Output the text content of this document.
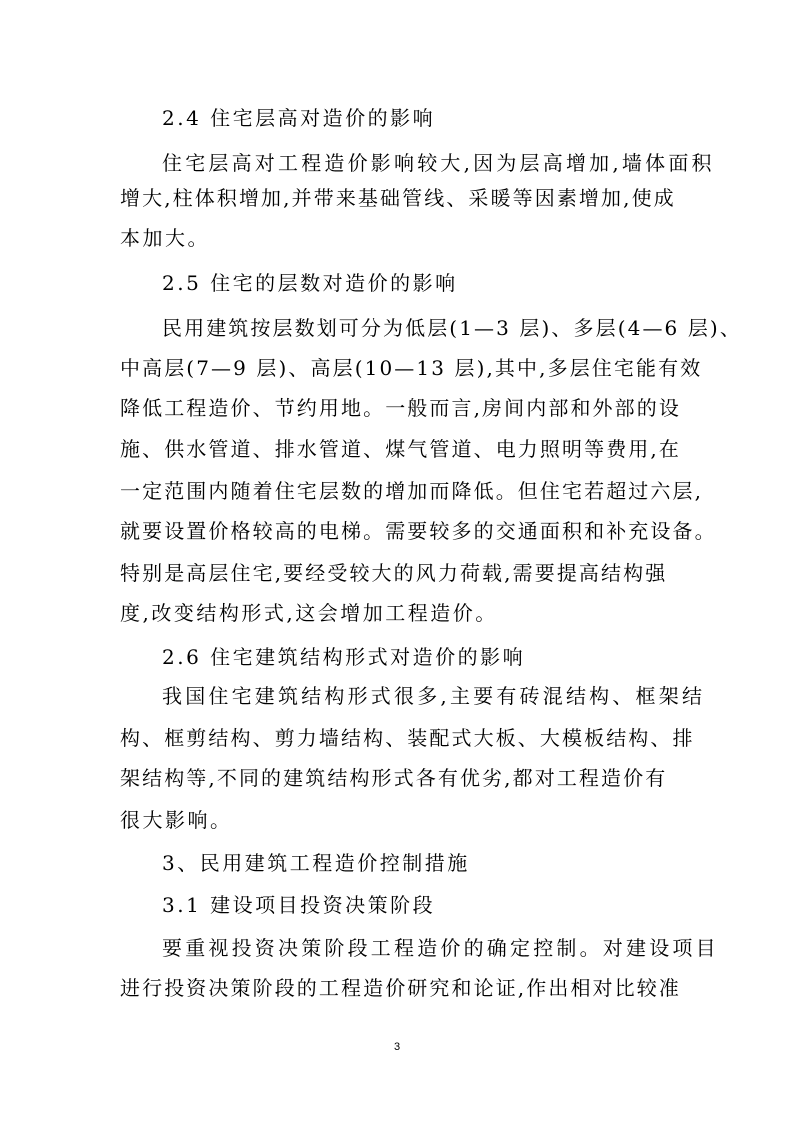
2.4 住宅层高对造价的影响

住宅层高对工程造价影响较大,因为层高增加,墙体面积

增大,柱体积增加,并带来基础管线、采暖等因素增加,使成

本加大。

2.5 住宅的层数对造价的影响

民用建筑按层数划可分为低层(1—3 层)、多层(4—6 层)、

中高层(7—9 层)、高层(10—13 层),其中,多层住宅能有效

降低工程造价、节约用地。一般而言,房间内部和外部的设

施、供水管道、排水管道、煤气管道、电力照明等费用,在

一定范围内随着住宅层数的增加而降低。但住宅若超过六层,

就要设置价格较高的电梯。需要较多的交通面积和补充设备。

特别是高层住宅,要经受较大的风力荷载,需要提高结构强

度,改变结构形式,这会增加工程造价。

2.6 住宅建筑结构形式对造价的影响

我国住宅建筑结构形式很多,主要有砖混结构、框架结

构、框剪结构、剪力墙结构、装配式大板、大模板结构、排

架结构等,不同的建筑结构形式各有优劣,都对工程造价有

很大影响。

3、民用建筑工程造价控制措施

3.1 建设项目投资决策阶段

要重视投资决策阶段工程造价的确定控制。对建设项目

进行投资决策阶段的工程造价研究和论证,作出相对比较准

3
